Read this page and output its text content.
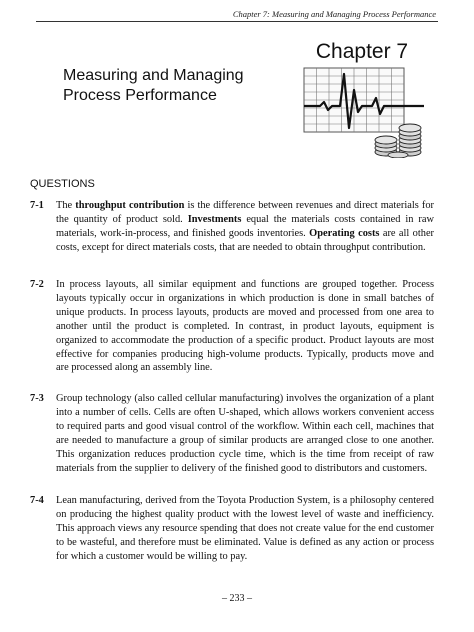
Chapter 7: Measuring and Managing Process Performance
Chapter 7
Measuring and Managing Process Performance
QUESTIONS
7-1	The throughput contribution is the difference between revenues and direct materials for the quantity of product sold. Investments equal the materials costs contained in raw materials, work-in-process, and finished goods inventories. Operating costs are all other costs, except for direct materials costs, that are needed to obtain throughput contribution.
7-2	In process layouts, all similar equipment and functions are grouped together. Process layouts typically occur in organizations in which production is done in small batches of unique products. In process layouts, products are moved and processed from one area to another until the product is completed. In contrast, in product layouts, equipment is organized to accommodate the production of a specific product. Product layouts are most effective for companies producing high-volume products. Typically, products move and are processed along an assembly line.
7-3	Group technology (also called cellular manufacturing) involves the organization of a plant into a number of cells. Cells are often U-shaped, which allows workers convenient access to required parts and good visual control of the workflow. Within each cell, machines that are needed to manufacture a group of similar products are arranged close to one another. This organization reduces production cycle time, which is the time from receipt of raw materials from the supplier to delivery of the finished good to distributors and customers.
7-4	Lean manufacturing, derived from the Toyota Production System, is a philosophy centered on producing the highest quality product with the lowest level of waste and inefficiency. This approach views any resource spending that does not create value for the end customer to be wasteful, and therefore must be eliminated. Value is defined as any action or process for which a customer would be willing to pay.
– 233 –
